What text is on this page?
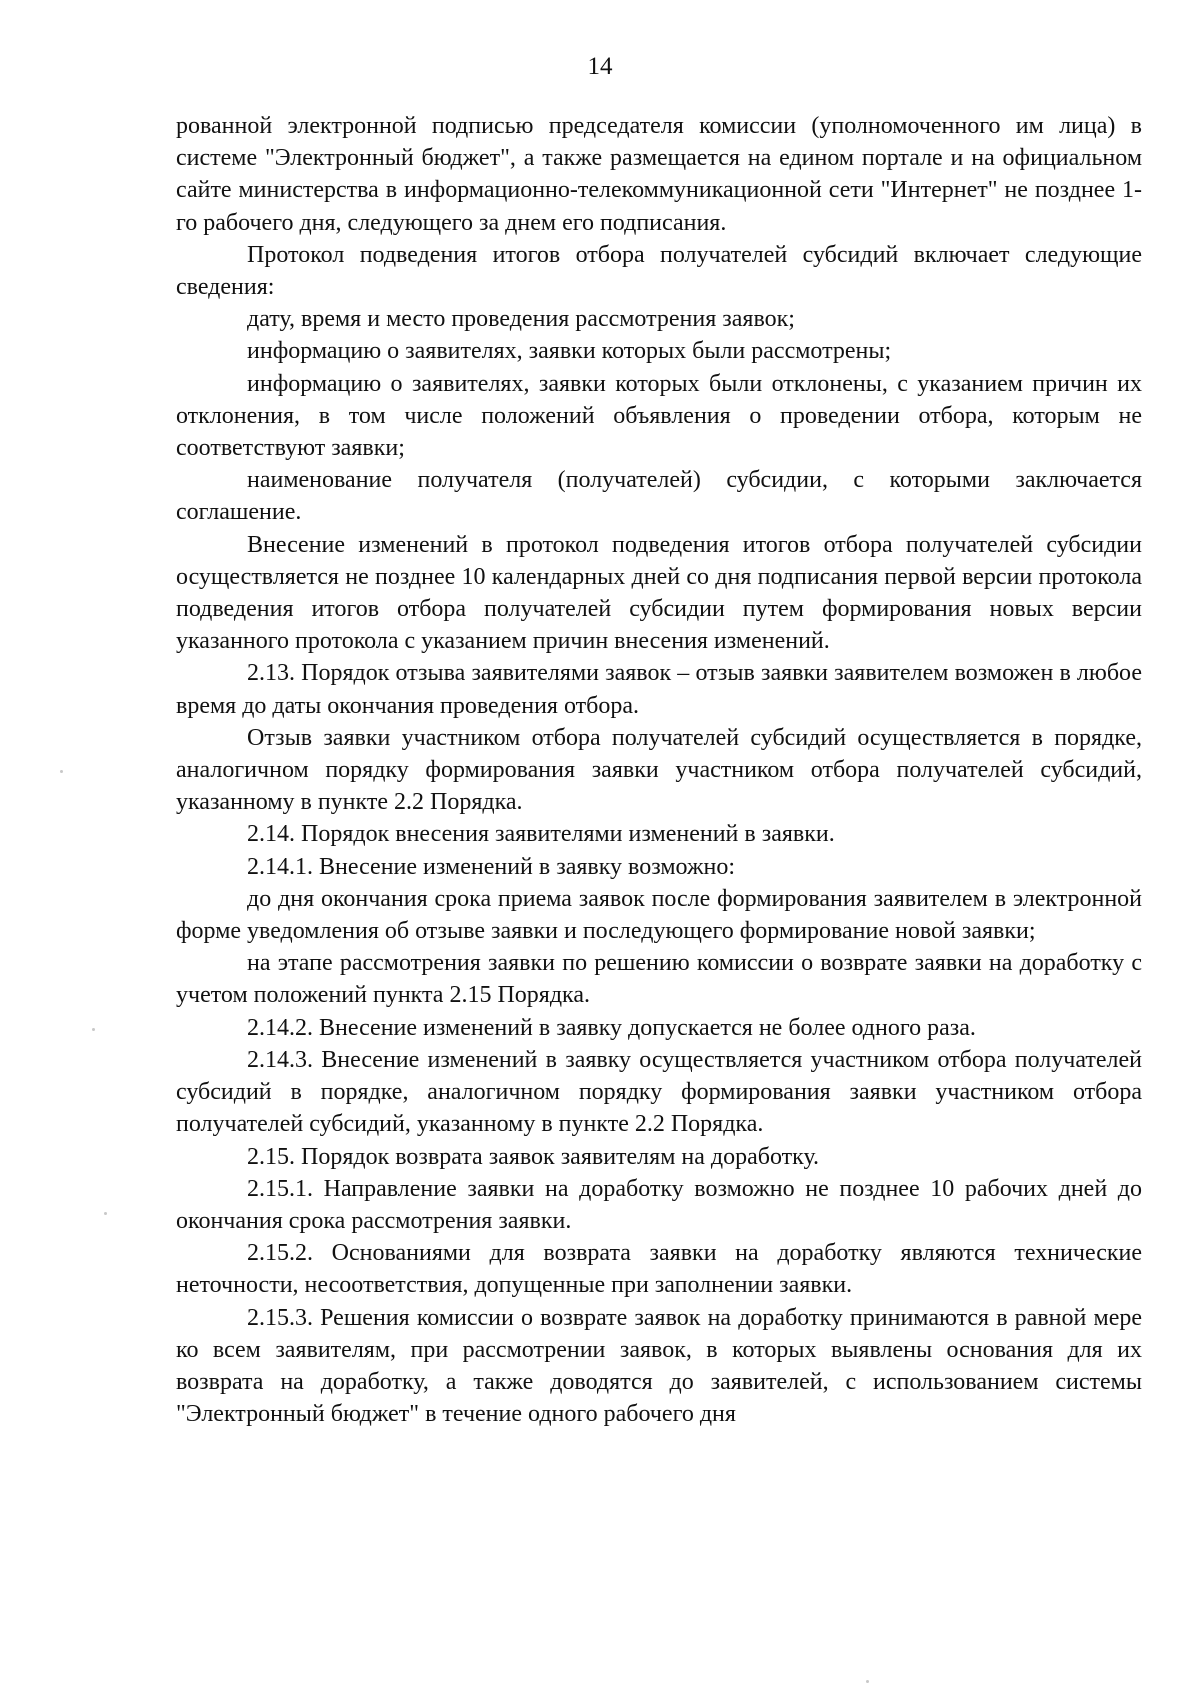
14

рованной электронной подписью председателя комиссии (уполномоченного им лица) в системе "Электронный бюджет", а также размещается на едином портале и на официальном сайте министерства в информационно-телекоммуникационной сети "Интернет" не позднее 1-го рабочего дня, следующего за днем его подписания.

Протокол подведения итогов отбора получателей субсидий включает следующие сведения:

дату, время и место проведения рассмотрения заявок;

информацию о заявителях, заявки которых были рассмотрены;

информацию о заявителях, заявки которых были отклонены, с указанием причин их отклонения, в том числе положений объявления о проведении отбора, которым не соответствуют заявки;

наименование получателя (получателей) субсидии, с которыми заключается соглашение.

Внесение изменений в протокол подведения итогов отбора получателей субсидии осуществляется не позднее 10 календарных дней со дня подписания первой версии протокола подведения итогов отбора получателей субсидии путем формирования новых версии указанного протокола с указанием причин внесения изменений.

2.13. Порядок отзыва заявителями заявок – отзыв заявки заявителем возможен в любое время до даты окончания проведения отбора.

Отзыв заявки участником отбора получателей субсидий осуществляется в порядке, аналогичном порядку формирования заявки участником отбора получателей субсидий, указанному в пункте 2.2 Порядка.

2.14. Порядок внесения заявителями изменений в заявки.

2.14.1. Внесение изменений в заявку возможно:

до дня окончания срока приема заявок после формирования заявителем в электронной форме уведомления об отзыве заявки и последующего формирование новой заявки;

на этапе рассмотрения заявки по решению комиссии о возврате заявки на доработку с учетом положений пункта 2.15 Порядка.

2.14.2. Внесение изменений в заявку допускается не более одного раза.

2.14.3. Внесение изменений в заявку осуществляется участником отбора получателей субсидий в порядке, аналогичном порядку формирования заявки участником отбора получателей субсидий, указанному в пункте 2.2 Порядка.

2.15. Порядок возврата заявок заявителям на доработку.

2.15.1. Направление заявки на доработку возможно не позднее 10 рабочих дней до окончания срока рассмотрения заявки.

2.15.2. Основаниями для возврата заявки на доработку являются технические неточности, несоответствия, допущенные при заполнении заявки.

2.15.3. Решения комиссии о возврате заявок на доработку принимаются в равной мере ко всем заявителям, при рассмотрении заявок, в которых выявлены основания для их возврата на доработку, а также доводятся до заявителей, с использованием системы "Электронный бюджет" в течение одного рабочего дня
